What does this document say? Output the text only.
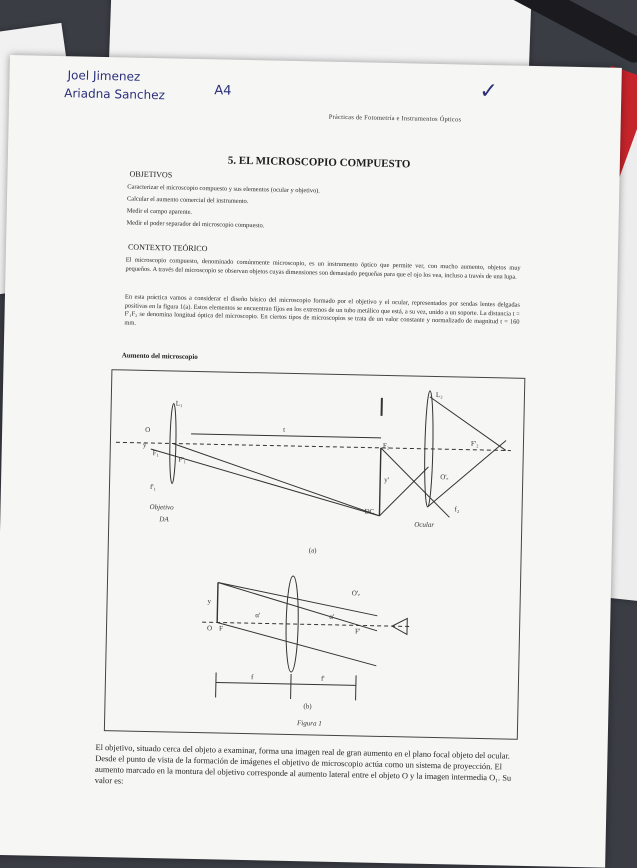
Joel Jimenez
Ariadna Sanchez	A4	✓
Prácticas de Fotometría e Instrumentos Ópticos
5. EL MICROSCOPIO COMPUESTO
OBJETIVOS
Caracterizar el microscopio compuesto y sus elementos (ocular y objetivo).
Calcular el aumento comercial del instrumento.
Medir el campo aparente.
Medir el poder separador del microscopio compuesto.
CONTEXTO TEÓRICO
El microscopio compuesto, denominado comúnmente microscopio, es un instrumento óptico que permite ver, con mucho aumento, objetos muy pequeños. A través del microscopio se observan objetos cuyas dimensiones son demasiado pequeñas para que el ojo los vea, incluso a través de una lupa.
En esta práctica vamos a considerar el diseño básico del microscopio formado por el objetivo y el ocular, representados por sendas lentes delgadas positivas en la figura 1(a). Estos elementos se encuentran fijos en los extremos de un tubo metálico que está, a su vez, unido a un soporte. La distancia t = F'₁F₂ se denomina longitud óptica del microscopio. En ciertos tipos de microscopios se trata de un valor constante y normalizado de magnitud t = 160 mm.
Aumento del microscopio
L₁
L₂
O	t
F₂
F'₁
F₁
F'₂
y
y'	O'ₑ
f'₁
f₂
DC
Objetivo
DA
Ocular
(a)
y
O F
α'	α'
F'
O'ₑ
f	f'
(b)
Figura 1
El objetivo, situado cerca del objeto a examinar, forma una imagen real de gran aumento en el plano focal objeto del ocular. Desde el punto de vista de la formación de imágenes el objetivo de microscopio actúa como un sistema de proyección. El aumento marcado en la montura del objetivo corresponde al aumento lateral entre el objeto O y la imagen intermedia O₁. Su valor es:
